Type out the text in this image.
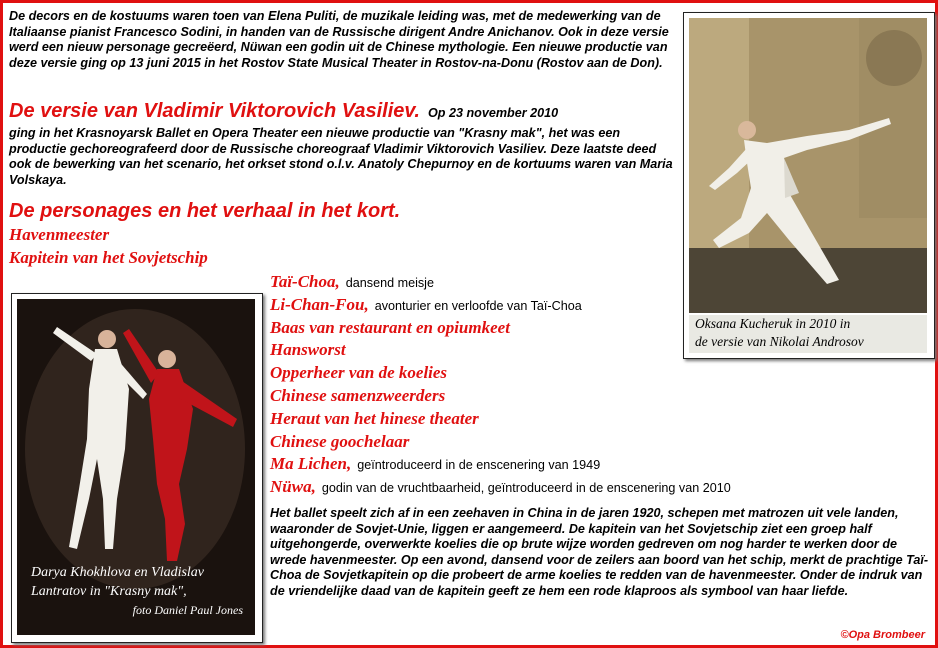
De decors en de kostuums waren toen van Elena Puliti, de muzikale leiding was, met de medewerking van de Italiaanse pianist Francesco Sodini, in handen van de Russische dirigent Andre Anichanov. Ook in deze versie werd een nieuw personage gecreëerd, Nüwan een godin uit de Chinese mythologie. Een nieuwe productie van deze versie ging op 13 juni 2015 in het Rostov State Musical Theater in Rostov-na-Donu (Rostov aan de Don).

De versie van Vladimir Viktorovich Vasiliev. Op 23 november 2010

ging in het Krasnoyarsk Ballet en Opera Theater een nieuwe productie van "Krasny mak", het was een productie gechoreografeerd door de Russische choreograaf Vladimir Viktorovich Vasiliev. Deze laatste deed ook de bewerking van het scenario, het orkset stond o.l.v. Anatoly Chepurnoy en de kortuums waren van Maria Volskaya.

De personages en het verhaal in het kort.
Havenmeester
Kapitein van het Sovjetschip
Taï-Choa, dansend meisje
Li-Chan-Fou, avonturier en verloofde van Taï-Choa
Baas van restaurant en opiumkeet
Hansworst
Opperheer van de koelies
Chinese samenzweerders
Heraut van het hinese theater
Chinese goochelaar
Ma Lichen, geïntroduceerd in de enscenering van 1949
Nüwa, godin van de vruchtbaarheid, geïntroduceerd in de enscenering van 2010

Het ballet speelt zich af in een zeehaven in China in de jaren 1920, schepen met matrozen uit vele landen, waaronder de Sovjet-Unie, liggen er aangemeerd. De kapitein van het Sovjetschip ziet een groep half uitgehongerde, overwerkte koelies die op brute wijze worden gedreven om nog harder te werken door de wrede havenmeester. Op een avond, dansend voor de zeilers aan boord van het schip, merkt de prachtige Taï-Choa de Sovjetkapitein op die probeert de arme koelies te redden van de havenmeester. Onder de indruk van de vriendelijke daad van de kapitein geeft ze hem een rode klaproos als symbool van haar liefde.

©Opa Brombeer
Oksana Kucheruk in 2010 in
de versie van Nikolai Androsov
Darya Khokhlova en Vladislav
Lantratov in "Krasny mak",
foto Daniel Paul Jones
